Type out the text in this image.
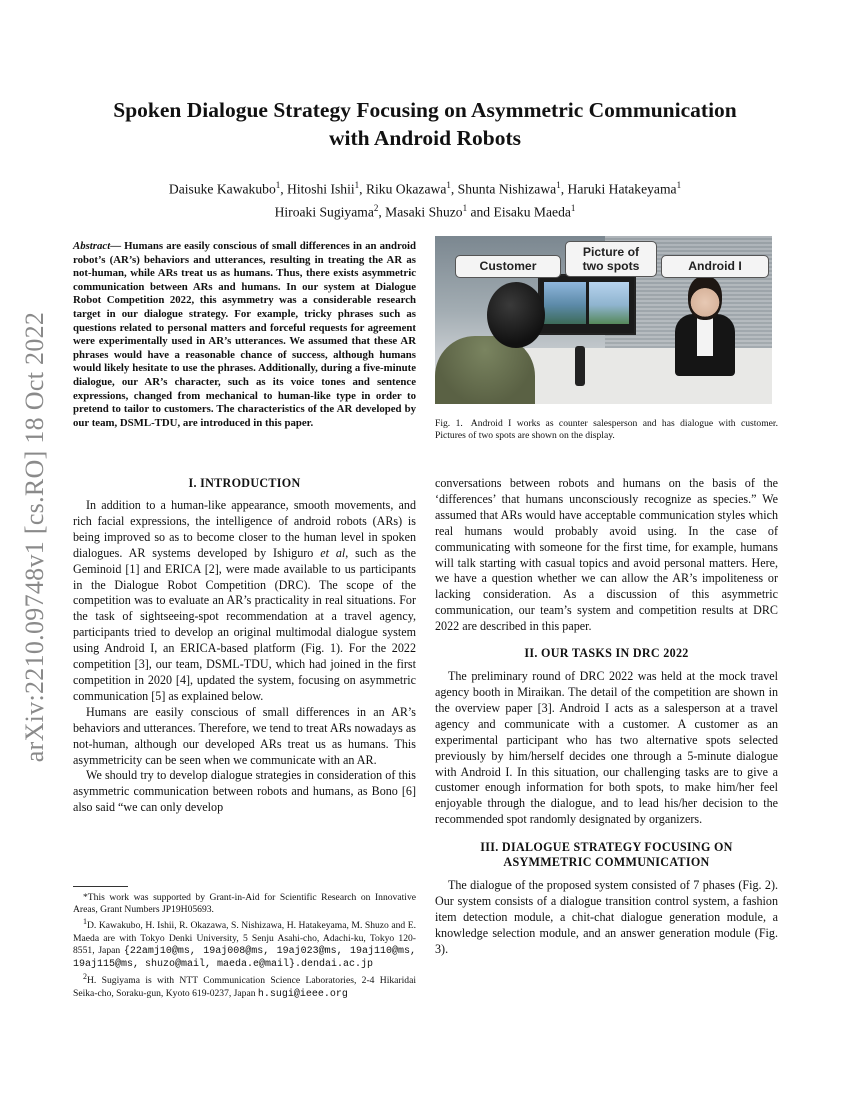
arXiv:2210.09748v1 [cs.RO] 18 Oct 2022
Spoken Dialogue Strategy Focusing on Asymmetric Communication
with Android Robots
Daisuke Kawakubo$^1$, Hitoshi Ishii$^1$, Riku Okazawa$^1$, Shunta Nishizawa$^1$, Haruki Hatakeyama$^1$
Hiroaki Sugiyama$^2$, Masaki Shuzo$^1$ and Eisaku Maeda$^1$
Abstract— Humans are easily conscious of small differences in an android robot’s (AR’s) behaviors and utterances, resulting in treating the AR as not-human, while ARs treat us as humans. Thus, there exists asymmetric communication between ARs and humans. In our system at Dialogue Robot Competition 2022, this asymmetry was a considerable research target in our dialogue strategy. For example, tricky phrases such as questions related to personal matters and forceful requests for agreement were experimentally used in AR’s utterances. We assumed that these AR phrases would have a reasonable chance of success, although humans would likely hesitate to use the phrases. Additionally, during a five-minute dialogue, our AR’s character, such as its voice tones and sentence expressions, changed from mechanical to human-like type in order to pretend to tailor to customers. The characteristics of the AR developed by our team, DSML-TDU, are introduced in this paper.
I. INTRODUCTION

In addition to a human-like appearance, smooth movements, and rich facial expressions, the intelligence of android robots (ARs) is being improved so as to become closer to the human level in spoken dialogues. AR systems developed by Ishiguro et al, such as the Geminoid [1] and ERICA [2], were made available to us participants in the Dialogue Robot Competition (DRC). The scope of the competition was to evaluate an AR’s practicality in real situations. For the task of sightseeing-spot recommendation at a travel agency, participants tried to develop an original multimodal dialogue system using Android I, an ERICA-based platform (Fig. 1). For the 2022 competition [3], our team, DSML-TDU, which had joined in the first competition in 2020 [4], updated the system, focusing on asymmetric communication [5] as explained below.

Humans are easily conscious of small differences in an AR’s behaviors and utterances. Therefore, we tend to treat ARs nowadays as not-human, although our developed ARs treat us as humans. This asymmetricity can be seen when we communicate with an AR.

We should try to develop dialogue strategies in consideration of this asymmetric communication between robots and humans, as Bono [6] also said “we can only develop

*This work was supported by Grant-in-Aid for Scientific Research on Innovative Areas, Grant Numbers JP19H05693.

$^1$D. Kawakubo, H. Ishii, R. Okazawa, S. Nishizawa, H. Hatakeyama, M. Shuzo and E. Maeda are with Tokyo Denki University, 5 Senju Asahi-cho, Adachi-ku, Tokyo 120-8551, Japan {22amj10@ms, 19aj008@ms, 19aj023@ms, 19aj110@ms, 19aj115@ms, shuzo@mail, maeda.e@mail}.dendai.ac.jp

$^2$H. Sugiyama is with NTT Communication Science Laboratories, 2-4 Hikaridai Seika-cho, Soraku-gun, Kyoto 619-0237, Japan h.sugi@ieee.org

Customer
Picture of
two spots	Android I
Fig. 1. Android I works as counter salesperson and has dialogue with customer. Pictures of two spots are shown on the display.

conversations between robots and humans on the basis of the ‘differences’ that humans unconsciously recognize as species.” We assumed that ARs would have acceptable communication styles which real humans would probably avoid using. In the case of communicating with someone for the first time, for example, humans will talk starting with casual topics and avoid personal matters. Here, we have a question whether we can allow the AR’s impoliteness or lacking consideration. As a discussion of this asymmetric communication, our team’s system and competition results at DRC 2022 are described in this paper.

II. OUR TASKS IN DRC 2022

The preliminary round of DRC 2022 was held at the mock travel agency booth in Miraikan. The detail of the competition are shown in the overview paper [3]. Android I acts as a salesperson at a travel agency and communicate with a customer. A customer as an experimental participant who has two alternative spots selected previously by him/herself decides one through a 5-minute dialogue with Android I. In this situation, our challenging tasks are to give a customer enough information for both spots, to make him/her feel enjoyable through the dialogue, and to lead his/her decision to the recommended spot randomly designated by organizers.

III. DIALOGUE STRATEGY FOCUSING ON
ASYMMETRIC COMMUNICATION

The dialogue of the proposed system consisted of 7 phases (Fig. 2). Our system consists of a dialogue transition control system, a fashion item detection module, a chit-chat dialogue generation module, a knowledge selection module, and an answer generation module (Fig. 3).
